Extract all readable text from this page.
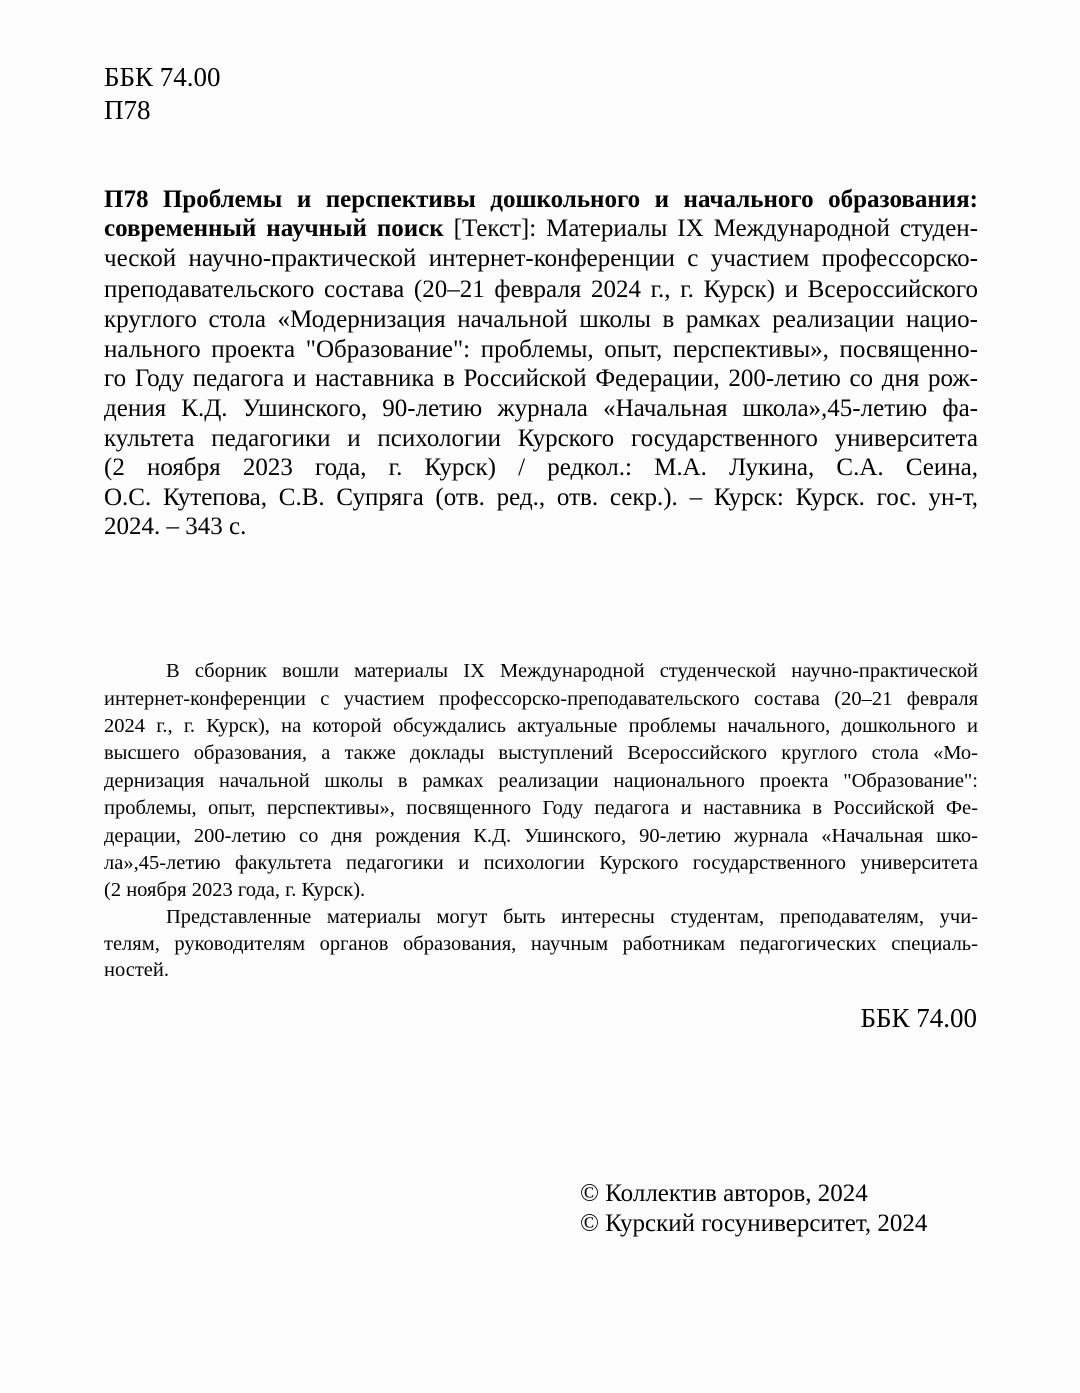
ББК 74.00
П78
П78 Проблемы и перспективы дошкольного и начального образования:
современный научный поиск [Текст]: Материалы IX Международной студен-
ческой научно-практической интернет-конференции с участием профессорско-
преподавательского состава (20–21 февраля 2024 г., г. Курск) и Всероссийского
круглого стола «Модернизация начальной школы в рамках реализации нацио-
нального проекта "Образование": проблемы, опыт, перспективы», посвященно-
го Году педагога и наставника в Российской Федерации, 200-летию со дня рож-
дения К.Д. Ушинского, 90-летию журнала «Начальная школа»,45-летию фа-
культета педагогики и психологии Курского государственного университета
(2 ноября 2023 года, г. Курск) / редкол.: М.А. Лукина, С.А. Сеина,
О.С. Кутепова, С.В. Супряга (отв. ред., отв. секр.). – Курск: Курск. гос. ун-т,
2024. – 343 с.
В сборник вошли материалы IX Международной студенческой научно-практической
интернет-конференции с участием профессорско-преподавательского состава (20–21 февраля
2024 г., г. Курск), на которой обсуждались актуальные проблемы начального, дошкольного и
высшего образования, а также доклады выступлений Всероссийского круглого стола «Мо-
дернизация начальной школы в рамках реализации национального проекта "Образование":
проблемы, опыт, перспективы», посвященного Году педагога и наставника в Российской Фе-
дерации, 200-летию со дня рождения К.Д. Ушинского, 90-летию журнала «Начальная шко-
ла»,45-летию факультета педагогики и психологии Курского государственного университета
(2 ноября 2023 года, г. Курск).
Представленные материалы могут быть интересны студентам, преподавателям, учи-
телям, руководителям органов образования, научным работникам педагогических специаль-
ностей.
ББК 74.00
© Коллектив авторов, 2024
© Курский госуниверситет, 2024
